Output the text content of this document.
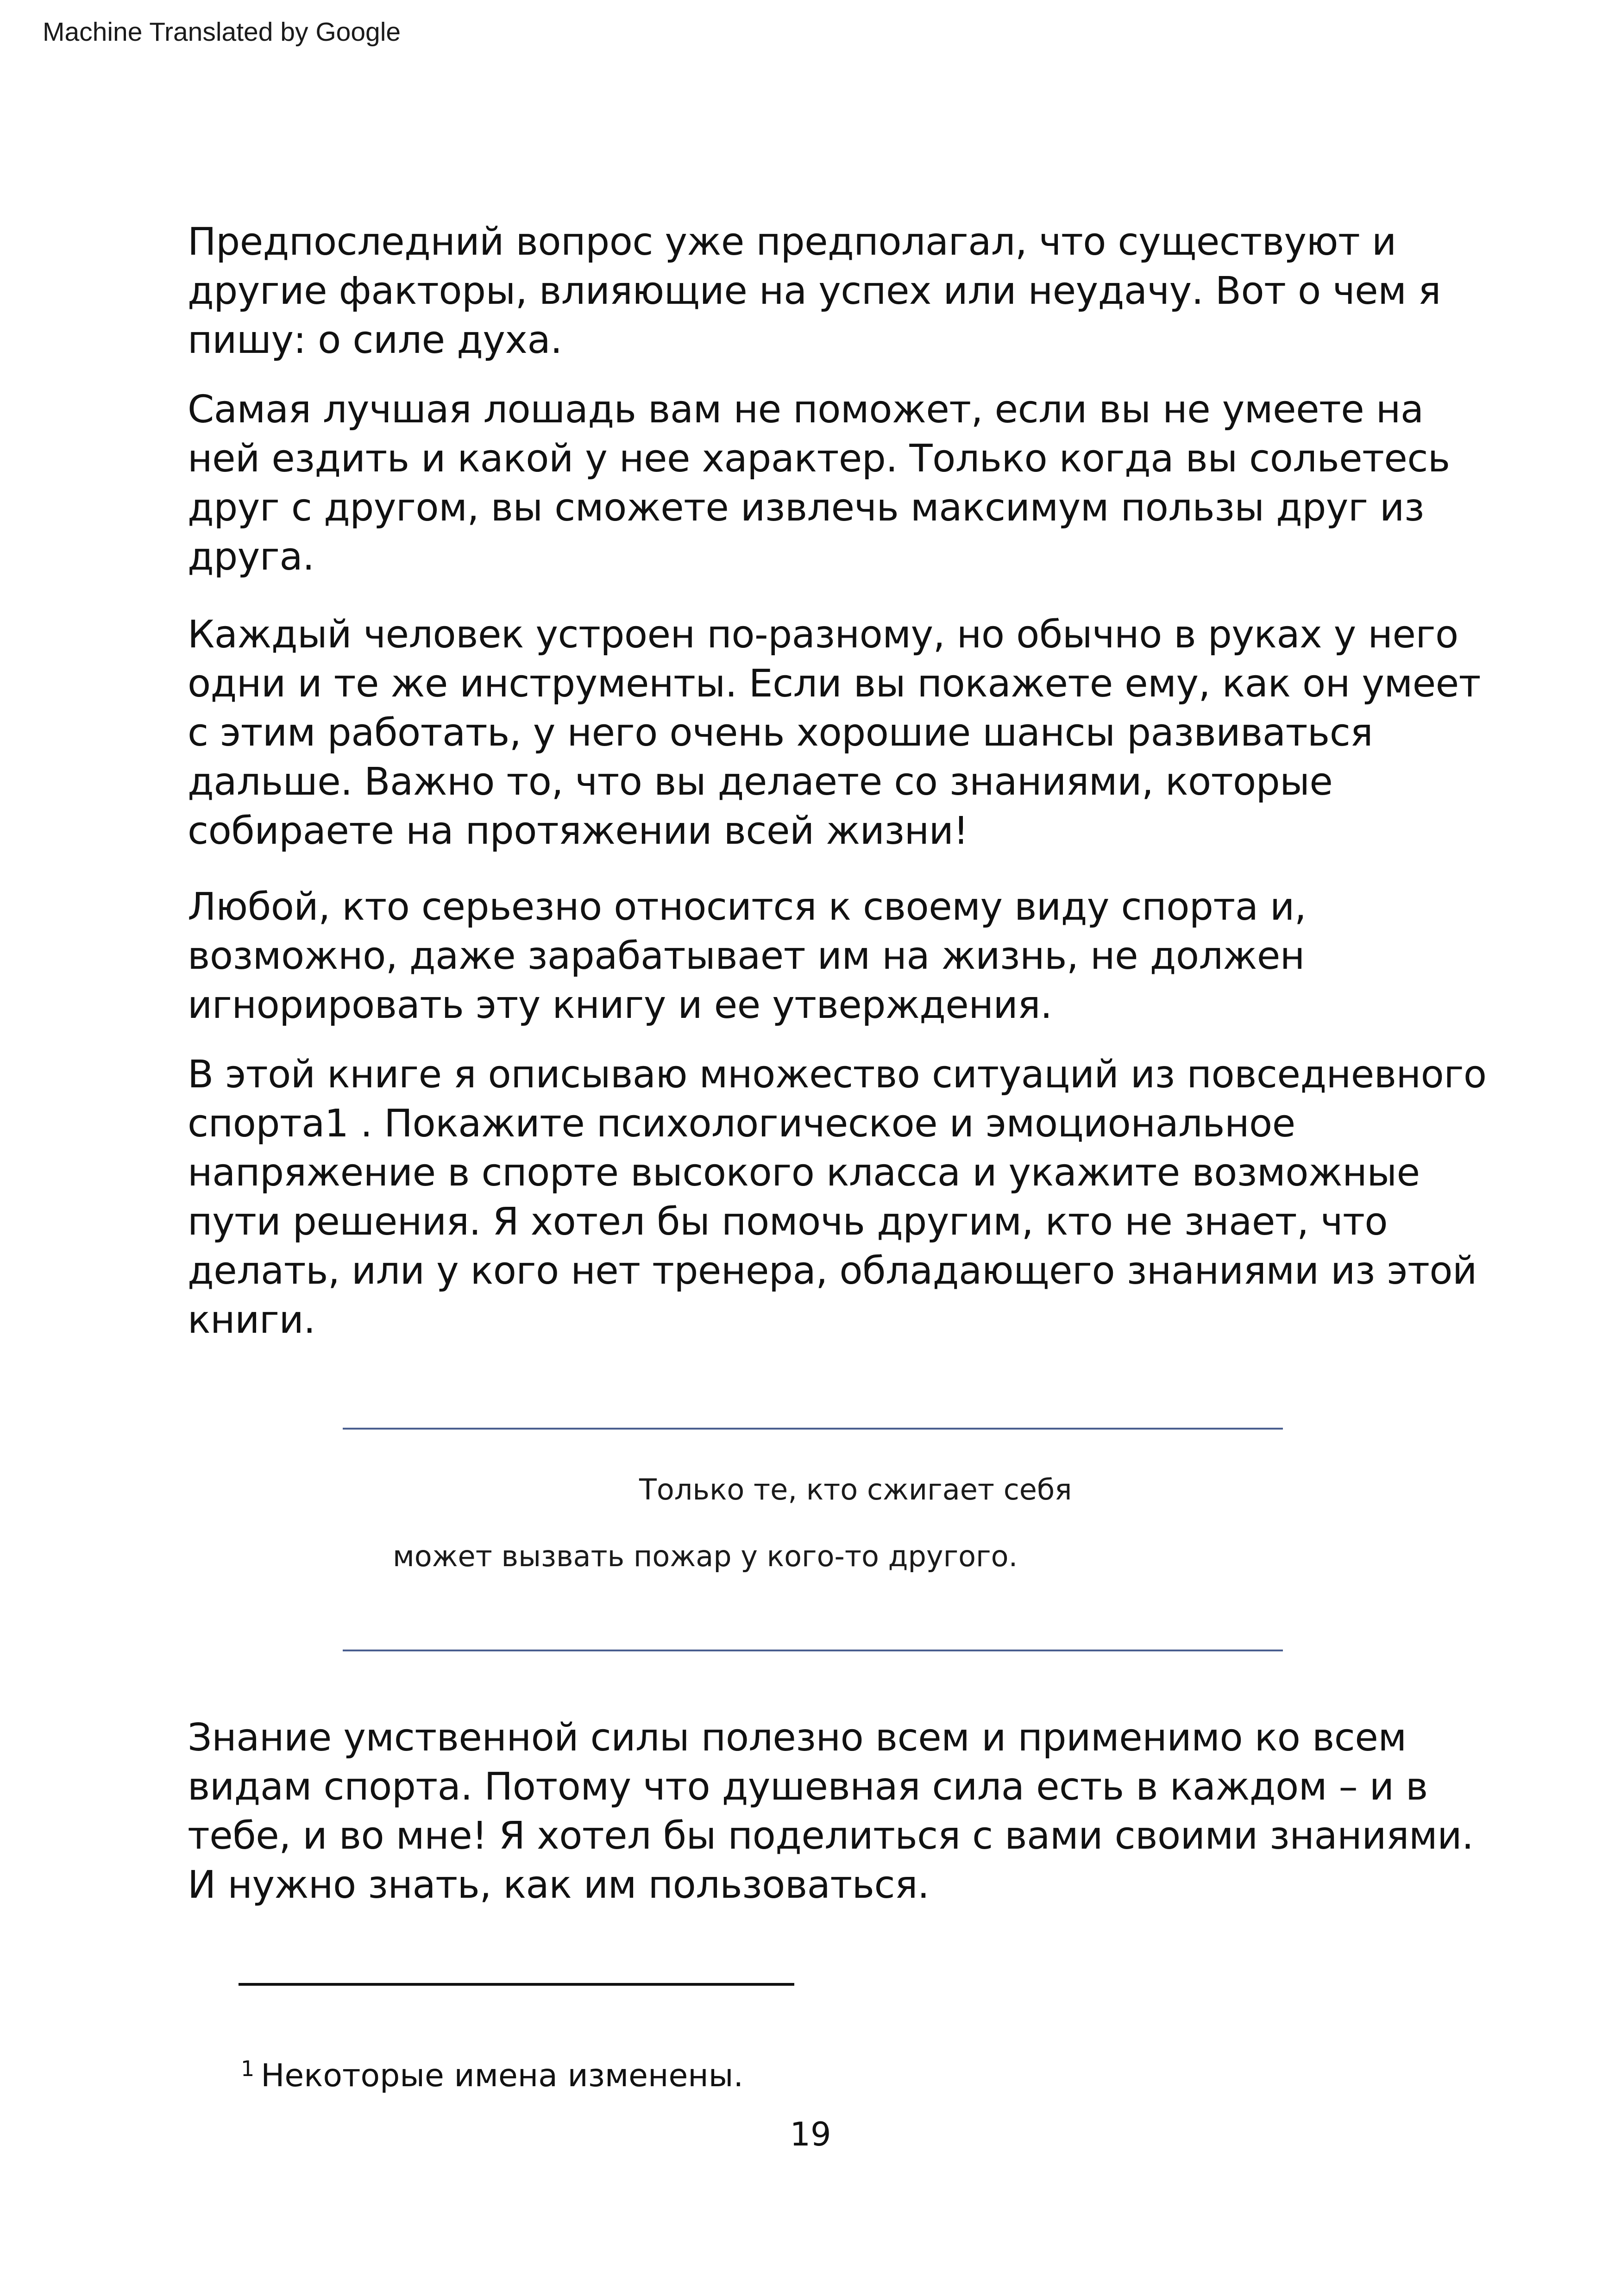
Machine Translated by Google

Предпоследний вопрос уже предполагал, что существуют и
другие факторы, влияющие на успех или неудачу. Вот о чем я
пишу: о силе духа.

Самая лучшая лошадь вам не поможет, если вы не умеете на
ней ездить и какой у нее характер. Только когда вы сольетесь
друг с другом, вы сможете извлечь максимум пользы друг из
друга.

Каждый человек устроен по-разному, но обычно в руках у него
одни и те же инструменты. Если вы покажете ему, как он умеет
с этим работать, у него очень хорошие шансы развиваться
дальше. Важно то, что вы делаете со знаниями, которые
собираете на протяжении всей жизни!

Любой, кто серьезно относится к своему виду спорта и,
возможно, даже зарабатывает им на жизнь, не должен
игнорировать эту книгу и ее утверждения.

В этой книге я описываю множество ситуаций из повседневного
спорта1 . Покажите психологическое и эмоциональное
напряжение в спорте высокого класса и укажите возможные
пути решения. Я хотел бы помочь другим, кто не знает, что
делать, или у кого нет тренера, обладающего знаниями из этой
книги.

Только те, кто сжигает себя
может вызвать пожар у кого-то другого.

Знание умственной силы полезно всем и применимо ко всем
видам спорта. Потому что душевная сила есть в каждом – и в
тебе, и во мне! Я хотел бы поделиться с вами своими знаниями.
И нужно знать, как им пользоваться.

$^1$ Некоторые имена изменены.
19
